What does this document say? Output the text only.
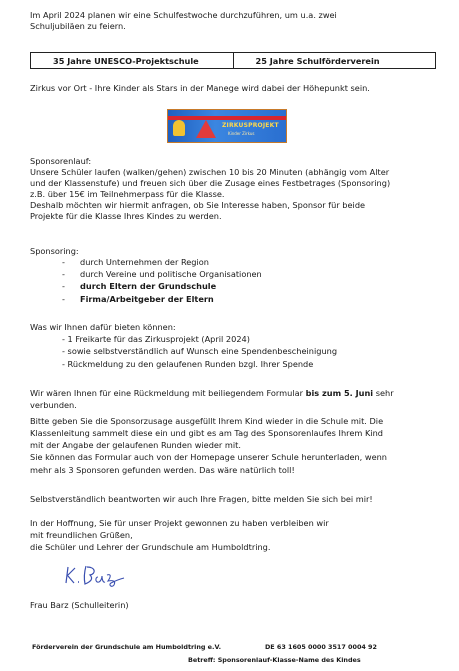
Im April 2024 planen wir eine Schulfestwoche durchzuführen, um u.a. zwei
Schuljubiläen zu feiern.
35 Jahre UNESCO-Projektschule	25 Jahre Schulförderverein
Zirkus vor Ort - Ihre Kinder als Stars in der Manege wird dabei der Höhepunkt sein.
ZIRKUSPROJEKT
Kinder Zirkus
Sponsorenlauf:
Unsere Schüler laufen (walken/gehen) zwischen 10 bis 20 Minuten (abhängig vom Alter
und der Klassenstufe) und freuen sich über die Zusage eines Festbetrages (Sponsoring)
z.B. über 15€ im Teilnehmerpass für die Klasse.
Deshalb möchten wir hiermit anfragen, ob Sie Interesse haben, Sponsor für beide
Projekte für die Klasse Ihres Kindes zu werden.
Sponsoring:
- durch Unternehmen der Region
- durch Vereine und politische Organisationen
- durch Eltern der Grundschule
- Firma/Arbeitgeber der Eltern
Was wir Ihnen dafür bieten können:
- 1 Freikarte für das Zirkusprojekt (April 2024)
- sowie selbstverständlich auf Wunsch eine Spendenbescheinigung
- Rückmeldung zu den gelaufenen Runden bzgl. Ihrer Spende
Wir wären Ihnen für eine Rückmeldung mit beiliegendem Formular bis zum 5. Juni sehr
verbunden.
Bitte geben Sie die Sponsorzusage ausgefüllt Ihrem Kind wieder in die Schule mit. Die
Klassenleitung sammelt diese ein und gibt es am Tag des Sponsorenlaufes Ihrem Kind
mit der Angabe der gelaufenen Runden wieder mit.
Sie können das Formular auch von der Homepage unserer Schule herunterladen, wenn
mehr als 3 Sponsoren gefunden werden. Das wäre natürlich toll!
Selbstverständlich beantworten wir auch Ihre Fragen, bitte melden Sie sich bei mir!
In der Hoffnung, Sie für unser Projekt gewonnen zu haben verbleiben wir
mit freundlichen Grüßen,
die Schüler und Lehrer der Grundschule am Humboldtring.
Frau Barz (Schulleiterin)
Förderverein der Grundschule am Humboldtring e.V.	DE 63 1605 0000 3517 0004 92
Betreff: Sponsorenlauf-Klasse-Name des Kindes
